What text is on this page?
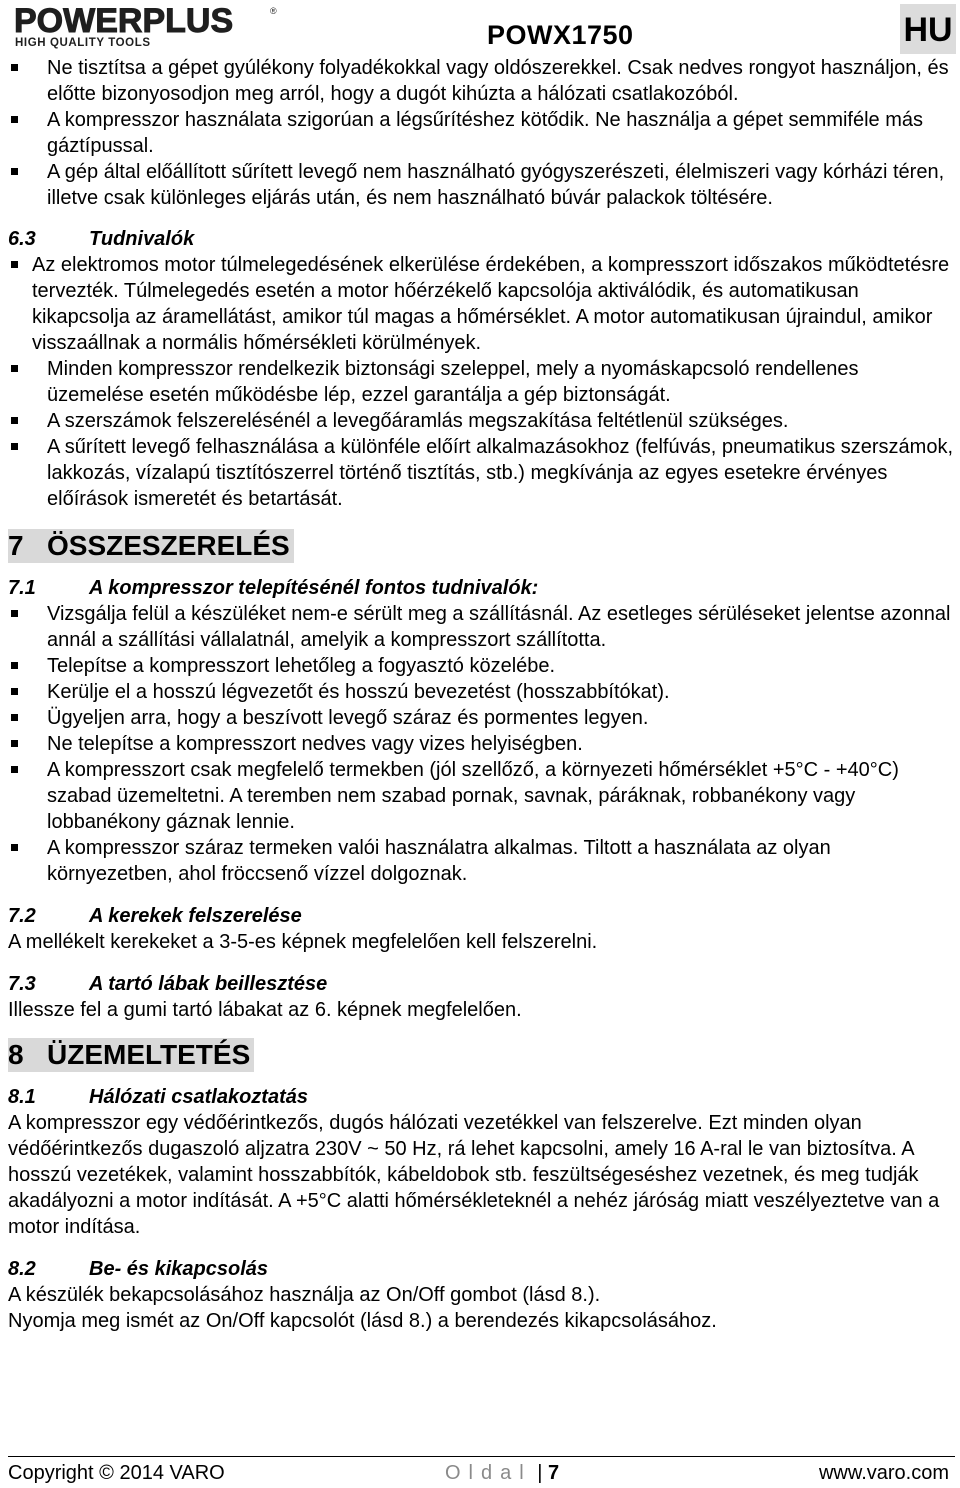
POWERPLUS
HIGH QUALITY TOOLS
®
POWX1750	HU
Ne tisztítsa a gépet gyúlékony folyadékokkal vagy oldószerekkel. Csak nedves rongyot használjon, és előtte bizonyosodjon meg arról, hogy a dugót kihúzta a hálózati csatlakozóból.
A kompresszor használata szigorúan a légsűrítéshez kötődik. Ne használja a gépet semmiféle más gáztípussal.
A gép által előállított sűrített levegő nem használható gyógyszerészeti, élelmiszeri vagy kórházi téren, illetve csak különleges eljárás után, és nem használható búvár palackok töltésére.

6.3	Tudnivalók

Az elektromos motor túlmelegedésének elkerülése érdekében, a kompresszort időszakos működtetésre tervezték. Túlmelegedés esetén a motor hőérzékelő kapcsolója aktiválódik, és automatikusan kikapcsolja az áramellátást, amikor túl magas a hőmérséklet. A motor automatikusan újraindul, amikor visszaállnak a normális hőmérsékleti körülmények.
Minden kompresszor rendelkezik biztonsági szeleppel, mely a nyomáskapcsoló rendellenes üzemelése esetén működésbe lép, ezzel garantálja a gép biztonságát.
A szerszámok felszerelésénél a levegőáramlás megszakítása feltétlenül szükséges.
A sűrített levegő felhasználása a különféle előírt alkalmazásokhoz (felfúvás, pneumatikus szerszámok, lakkozás, vízalapú tisztítószerrel történő tisztítás, stb.) megkívánja az egyes esetekre érvényes előírások ismeretét és betartását.
7 ÖSSZESZERELÉS

7.1	A kompresszor telepítésénél fontos tudnivalók:

Vizsgálja felül a készüléket nem-e sérült meg a szállításnál. Az esetleges sérüléseket jelentse azonnal annál a szállítási vállalatnál, amelyik a kompresszort szállította.
Telepítse a kompresszort lehetőleg a fogyasztó közelébe.
Kerülje el a hosszú légvezetőt és hosszú bevezetést (hosszabbítókat).
Ügyeljen arra, hogy a beszívott levegő száraz és pormentes legyen.
Ne telepítse a kompresszort nedves vagy vizes helyiségben.
A kompresszort csak megfelelő termekben (jól szellőző, a környezeti hőmérséklet +5°C - +40°C) szabad üzemeltetni. A teremben nem szabad pornak, savnak, páráknak, robbanékony vagy lobbanékony gáznak lennie.
A kompresszor száraz termeken valói használatra alkalmas. Tiltott a használata az olyan környezetben, ahol fröccsenő vízzel dolgoznak.

7.2	A kerekek felszerelése

A mellékelt kerekeket a 3-5-es képnek megfelelően kell felszerelni.

7.3	A tartó lábak beillesztése

Illessze fel a gumi tartó lábakat az 6. képnek megfelelően.

8 ÜZEMELTETÉS

8.1	Hálózati csatlakoztatás

A kompresszor egy védőérintkezős, dugós hálózati vezetékkel van felszerelve. Ezt minden olyan védőérintkezős dugaszoló aljzatra 230V ~ 50 Hz, rá lehet kapcsolni, amely 16 A-ral le van biztosítva. A hosszú vezetékek, valamint hosszabbítók, kábeldobok stb. feszültségeséshez vezetnek, és meg tudják akadályozni a motor indítását. A +5°C alatti hőmérsékleteknél a nehéz járóság miatt veszélyeztetve van a motor indítása.

8.2	Be- és kikapcsolás

A készülék bekapcsolásához használja az On/Off gombot (lásd 8.).

Nyomja meg ismét az On/Off kapcsolót (lásd 8.) a berendezés kikapcsolásához.

Copyright © 2014 VARO	Oldal | 7	www.varo.com
